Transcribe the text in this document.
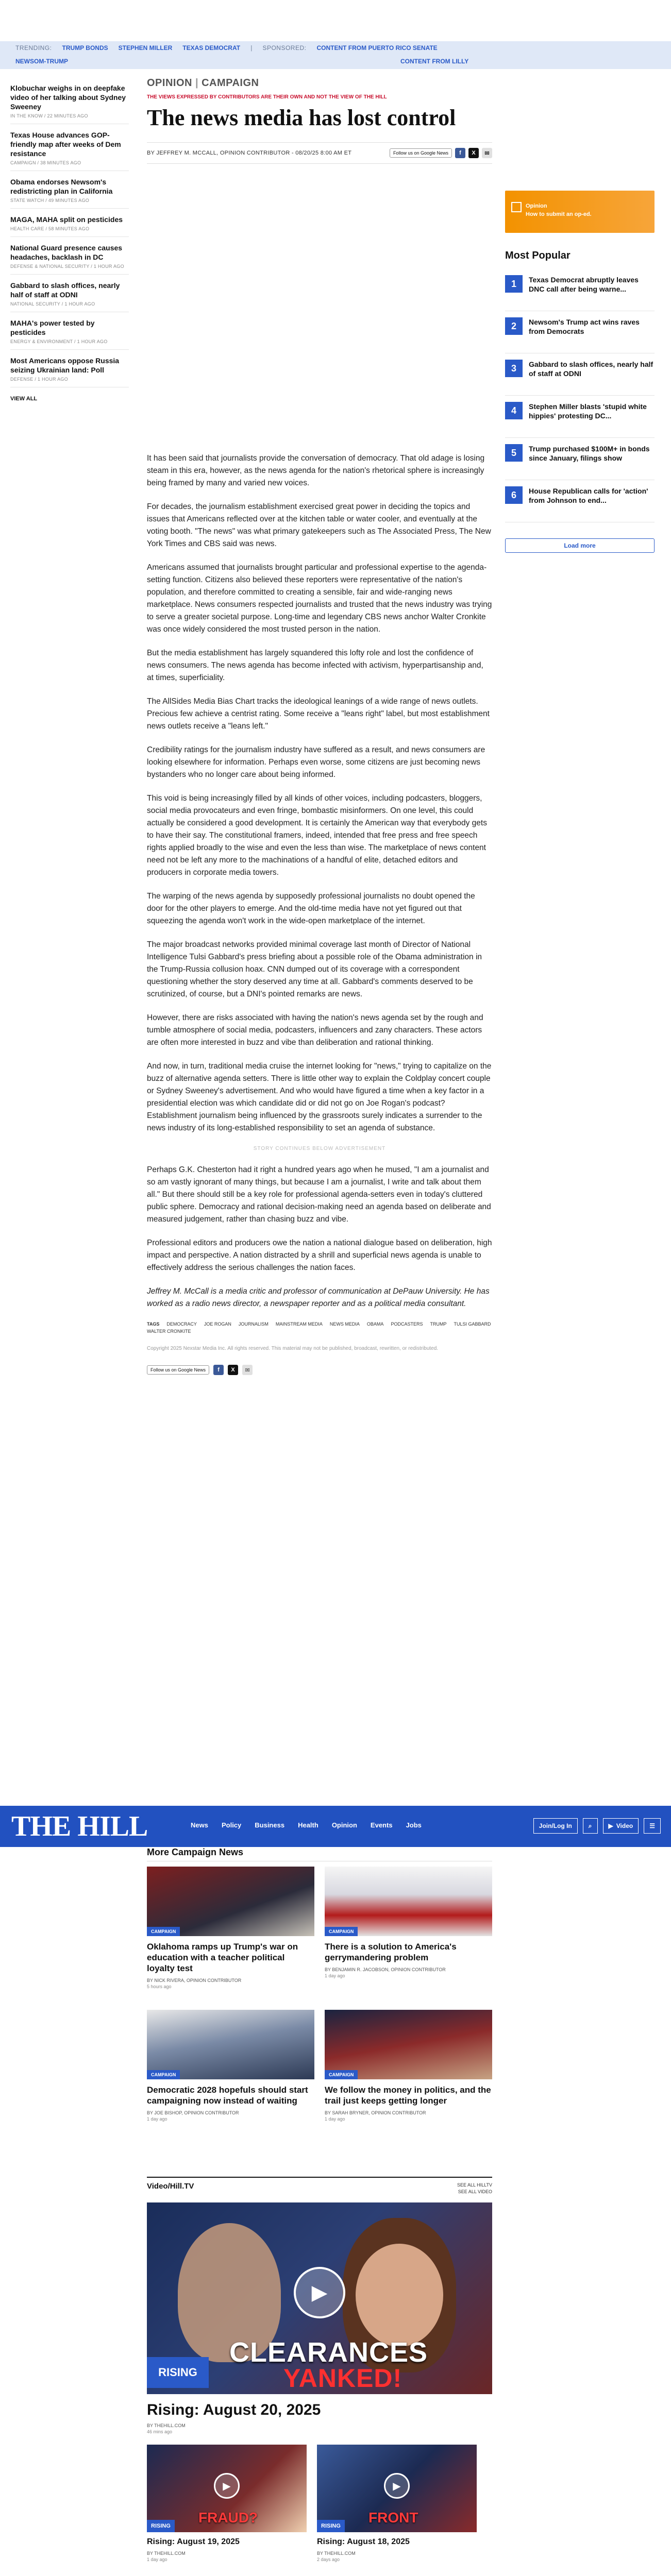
TRENDING: TRUMP BONDS STEPHEN MILLER TEXAS DEMOCRAT | SPONSORED: CONTENT FROM PUERTO RICO SENATE
NEWSOM-TRUMP	CONTENT FROM LILLY
Klobuchar weighs in on deepfake video of her talking about Sydney Sweeney
IN THE KNOW / 22 MINUTES AGO
Texas House advances GOP-friendly map after weeks of Dem resistance
CAMPAIGN / 38 MINUTES AGO
Obama endorses Newsom's redistricting plan in California
STATE WATCH / 49 MINUTES AGO
MAGA, MAHA split on pesticides
HEALTH CARE / 58 MINUTES AGO
National Guard presence causes headaches, backlash in DC
DEFENSE & NATIONAL SECURITY / 1 HOUR AGO
Gabbard to slash offices, nearly half of staff at ODNI
NATIONAL SECURITY / 1 HOUR AGO
MAHA's power tested by pesticides
ENERGY & ENVIRONMENT / 1 HOUR AGO
Most Americans oppose Russia seizing Ukrainian land: Poll
DEFENSE / 1 HOUR AGO
VIEW ALL
OPINION | CAMPAIGN
THE VIEWS EXPRESSED BY CONTRIBUTORS ARE THEIR OWN AND NOT THE VIEW OF THE HILL
The news media has lost control
BY JEFFREY M. MCCALL, OPINION CONTRIBUTOR - 08/20/25 8:00 AM ET	Follow us on Google News	f	X	✉

It has been said that journalists provide the conversation of democracy. That old adage is losing steam in this era, however, as the news agenda for the nation's rhetorical sphere is increasingly being framed by many and varied new voices.

For decades, the journalism establishment exercised great power in deciding the topics and issues that Americans reflected over at the kitchen table or water cooler, and eventually at the voting booth. "The news" was what primary gatekeepers such as The Associated Press, The New York Times and CBS said was news.

Americans assumed that journalists brought particular and professional expertise to the agenda-setting function. Citizens also believed these reporters were representative of the nation's population, and therefore committed to creating a sensible, fair and wide-ranging news marketplace. News consumers respected journalists and trusted that the news industry was trying to serve a greater societal purpose. Long-time and legendary CBS news anchor Walter Cronkite was once widely considered the most trusted person in the nation.

But the media establishment has largely squandered this lofty role and lost the confidence of news consumers. The news agenda has become infected with activism, hyperpartisanship and, at times, superficiality.

The AllSides Media Bias Chart tracks the ideological leanings of a wide range of news outlets. Precious few achieve a centrist rating. Some receive a "leans right" label, but most establishment news outlets receive a "leans left."

Credibility ratings for the journalism industry have suffered as a result, and news consumers are looking elsewhere for information. Perhaps even worse, some citizens are just becoming news bystanders who no longer care about being informed.

This void is being increasingly filled by all kinds of other voices, including podcasters, bloggers, social media provocateurs and even fringe, bombastic misinformers. On one level, this could actually be considered a good development. It is certainly the American way that everybody gets to have their say. The constitutional framers, indeed, intended that free press and free speech rights applied broadly to the wise and even the less than wise. The marketplace of news content need not be left any more to the machinations of a handful of elite, detached editors and producers in corporate media towers.

The warping of the news agenda by supposedly professional journalists no doubt opened the door for the other players to emerge. And the old-time media have not yet figured out that squeezing the agenda won't work in the wide-open marketplace of the internet.

The major broadcast networks provided minimal coverage last month of Director of National Intelligence Tulsi Gabbard's press briefing about a possible role of the Obama administration in the Trump-Russia collusion hoax. CNN dumped out of its coverage with a correspondent questioning whether the story deserved any time at all. Gabbard's comments deserved to be scrutinized, of course, but a DNI's pointed remarks are news.

However, there are risks associated with having the nation's news agenda set by the rough and tumble atmosphere of social media, podcasters, influencers and zany characters. These actors are often more interested in buzz and vibe than deliberation and rational thinking.

And now, in turn, traditional media cruise the internet looking for "news," trying to capitalize on the buzz of alternative agenda setters. There is little other way to explain the Coldplay concert couple or Sydney Sweeney's advertisement. And who would have figured a time when a key factor in a presidential election was which candidate did or did not go on Joe Rogan's podcast? Establishment journalism being influenced by the grassroots surely indicates a surrender to the news industry of its long-established responsibility to set an agenda of substance.

STORY CONTINUES BELOW ADVERTISEMENT

Perhaps G.K. Chesterton had it right a hundred years ago when he mused, "I am a journalist and so am vastly ignorant of many things, but because I am a journalist, I write and talk about them all." But there should still be a key role for professional agenda-setters even in today's cluttered public sphere. Democracy and rational decision-making need an agenda based on deliberate and measured judgement, rather than chasing buzz and vibe.

Professional editors and producers owe the nation a national dialogue based on deliberation, high impact and perspective. A nation distracted by a shrill and superficial news agenda is unable to effectively address the serious challenges the nation faces.

Jeffrey M. McCall is a media critic and professor of communication at DePauw University. He has worked as a radio news director, a newspaper reporter and as a political media consultant.

TAGS DEMOCRACY JOE ROGAN JOURNALISM MAINSTREAM MEDIA NEWS MEDIA OBAMA PODCASTERS TRUMP TULSI GABBARD
WALTER CRONKITE
Copyright 2025 Nexstar Media Inc. All rights reserved. This material may not be published, broadcast, rewritten, or redistributed.
Follow us on Google News	f	X	✉
Opinion
How to submit an op-ed.
Most Popular
1	Texas Democrat abruptly leaves DNC call after being warne...
2	Newsom's Trump act wins raves from Democrats
3	Gabbard to slash offices, nearly half of staff at ODNI
4	Stephen Miller blasts 'stupid white hippies' protesting DC...
5	Trump purchased $100M+ in bonds since January, filings show
6	House Republican calls for 'action' from Johnson to end...
Load more
THE HILL	News Policy Business Health Opinion Events Jobs	Join/Log In	⌕	▶ Video	☰
More Campaign News
CAMPAIGN
Oklahoma ramps up Trump's war on education with a teacher political loyalty test
BY NICK RIVERA, OPINION CONTRIBUTOR
5 hours ago
CAMPAIGN
There is a solution to America's gerrymandering problem
BY BENJAMIN R. JACOBSON, OPINION CONTRIBUTOR
1 day ago
CAMPAIGN
Democratic 2028 hopefuls should start campaigning now instead of waiting
BY JOE BISHOP, OPINION CONTRIBUTOR
1 day ago
CAMPAIGN
We follow the money in politics, and the trail just keeps getting longer
BY SARAH BRYNER, OPINION CONTRIBUTOR
1 day ago
Video/Hill.TV	SEE ALL HILLTV
SEE ALL VIDEO
▶
CLEARANCES
YANKED!
RISING
Rising: August 20, 2025
BY THEHILL.COM
46 mins ago
▶
FRAUD?
RISING
Rising: August 19, 2025
BY THEHILL.COM
1 day ago
▶
FRONT
RISING
Rising: August 18, 2025
BY THEHILL.COM
2 days ago
